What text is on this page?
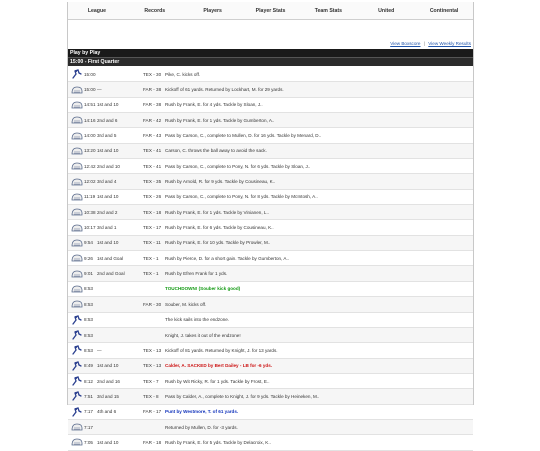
League	Records	Players	Player Stats	Team Stats	United	Continental
View Boxscore | View Weekly Results
Play by Play
15:00 - First Quarter
15:00	TEX - 30 Pike, C. kicks off.
15:00 —	FAR - 38 Kickoff of 61 yards. Returned by Lockhart, M. for 29 yards.
14:51 1st and 10	FAR - 38 Rush by Frank, E. for 4 yds. Tackle by Sloan, J..
14:16 2nd and 6	FAR - 42 Rush by Frank, E. for 1 yds. Tackle by Gumberton, A..
14:00 3rd and 5	FAR - 43 Pass by Carson, C., complete to Mullen, D. for 16 yds. Tackle by Menard, D..
13:20 1st and 10	TEX - 41 Carson, C. throws the ball away to avoid the sack.
12:42 2nd and 10	TEX - 41 Pass by Carson, C., complete to Pony, N. for 6 yds. Tackle by Sloan, J..
12:02 3rd and 4	TEX - 35 Rush by Arnold, R. for 9 yds. Tackle by Cousineau, K..
11:19 1st and 10	TEX - 26 Pass by Carson, C., complete to Pony, N. for 8 yds. Tackle by McIntosh, A..
10:38 2nd and 2	TEX - 18 Rush by Frank, E. for 1 yds. Tackle by Vinianen, L..
10:17 3rd and 1	TEX - 17 Rush by Frank, E. for 6 yds. Tackle by Cousineau, K..
9:54 1st and 10	TEX - 11 Rush by Frank, E. for 10 yds. Tackle by Prowler, M..
9:26 1st and Goal	TEX - 1	Rush by Pierce, D. for a short gain. Tackle by Gumberton, A..
9:01 2nd and Goal	TEX - 1	Rush by Efren Frank for 1 yds.
8:53	TOUCHDOWN! (Souber kick good)
8:53	FAR - 30 Souber, M. kicks off.
8:53	The kick sails into the endzone.
8:53	Knight, J. takes it out of the endzone!
8:53 —	TEX - 13 Kickoff of 81 yards. Returned by Knight, J. for 13 yards.
8:49 1st and 10	TEX - 13 Calder, A. SACKED by Bert Dailey - LB for -6 yds.
8:12 2nd and 16	TEX - 7	Rush by Wit Ricky, R. for 1 yds. Tackle by Frost, E..
7:51 3rd and 15	TEX - 8	Pass by Calder, A., complete to Knight, J. for 9 yds. Tackle by Heineken, M..
7:17 4th and 6	FAR - 17 Punt by Westmore, T. of 61 yards.
7:17	Returned by Mullen, D. for -3 yards.
7:05 1st and 10	FAR - 18 Rush by Frank, E. for 5 yds. Tackle by Delacroix, K..
